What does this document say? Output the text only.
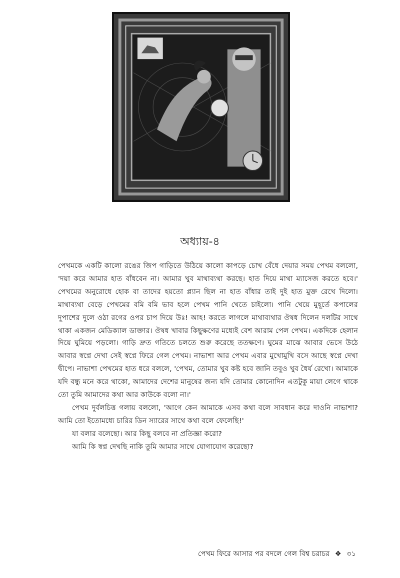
অধ্যায়-৪

পেখমকে একটি কালো রঙের জিপ গাড়িতে উঠিয়ে কালো কাপড়ে চোখ বেঁধে দেয়ার সময় পেখম বললো, 'দয়া করে আমার হাত বাঁধবেন না। আমার খুব মাথাব্যথা করছে। হাত দিয়ে মাথা ম্যাসেজ করতে হবে।' পেখমের অনুরোধে হোক বা তাদের হয়তো প্ল্যান ছিল না হাত বাঁধার তাই দুই হাত মুক্ত রেখে দিলো। মাথাব্যথা বেড়ে পেখমের বমি বমি ভাব হলে পেখম পানি খেতে চাইলো। পানি খেয়ে মুহূর্তে কপালের দুপাশের দুলে ওঠা রগের ওপর চাপ দিয়ে উঃ! আহ! করতে লাগলে মাথাব্যথার ঔষধ দিলেন দলটির সাথে থাকা একজন মেডিক্যাল ডাক্তার। ঔষধ খাবার কিছুক্ষণের মধ্যেই বেশ আরাম পেল পেখম। একদিকে হেলান দিয়ে ঘুমিয়ে পড়লো। গাড়ি দ্রুত গতিতে চলতে শুরু করেছে ততক্ষণে। ঘুমের মাঝে আবার ভেসে উঠে আবার স্বপ্নে দেখা সেই স্বপ্নে ফিরে গেল পেখম। নাভাশা আর পেখম এবার মুখোমুখি বসে আছে স্বপ্নে দেখা দ্বীপে। নাভাশা পেখমের হাত ধরে বললে, 'পেখম, তোমার খুব কষ্ট হবে জানি তবুও খুব ধৈর্য রেখো। আমাকে যদি বন্ধু মনে করে থাকো, আমাদের দেশের মানুষের জন্য যদি তোমার কোনোদিন এতটুকু মায়া লেগে থাকে তো তুমি আমাদের কথা আর কাউকে বলো না।'

পেখম দুর্বলচিত্ত গলায় বললো, 'আগে কেন আমাকে এসব কথা বলে সাবধান করে দাওনি নাভাশা? আমি তো ইতোমধ্যে চারির ডিন স্যারের সাথে কথা বলে ফেলেছি!'

যা বলার বলেছো। আর কিছু বলবে না প্রতিজ্ঞা করো?

আমি কি স্বপ্ন দেখছি নাকি তুমি আমার সাথে যোগাযোগ করেছো?

পেখম ফিরে আসার পর বদলে গেল বিশ্ব চরাচর ❖ ৩১
